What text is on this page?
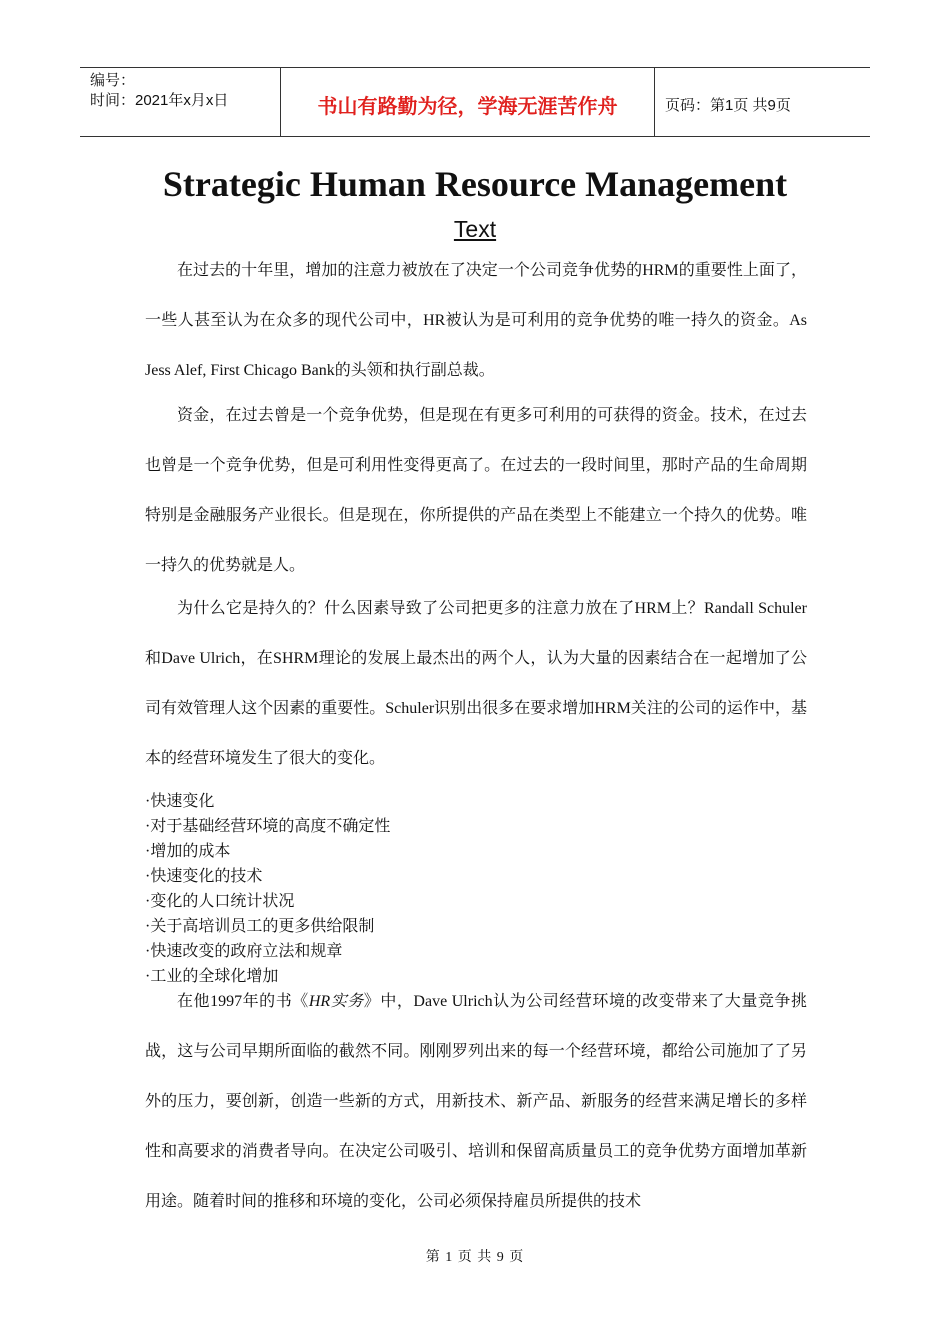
编号：
时间：2021年x月x日	书山有路勤为径，学海无涯苦作舟	页码：第1页 共9页
Strategic Human Resource Management
Text

在过去的十年里，增加的注意力被放在了决定一个公司竞争优势的HRM的重要性上面了，一些人甚至认为在众多的现代公司中，HR被认为是可利用的竞争优势的唯一持久的资金。As Jess Alef, First Chicago Bank的头领和执行副总裁。

资金，在过去曾是一个竞争优势，但是现在有更多可利用的可获得的资金。技术，在过去也曾是一个竞争优势，但是可利用性变得更高了。在过去的一段时间里，那时产品的生命周期特别是金融服务产业很长。但是现在，你所提供的产品在类型上不能建立一个持久的优势。唯一持久的优势就是人。

为什么它是持久的？什么因素导致了公司把更多的注意力放在了HRM上？Randall Schuler和Dave Ulrich，在SHRM理论的发展上最杰出的两个人，认为大量的因素结合在一起增加了公司有效管理人这个因素的重要性。Schuler识别出很多在要求增加HRM关注的公司的运作中，基本的经营环境发生了很大的变化。

·快速变化
·对于基础经营环境的高度不确定性
·增加的成本
·快速变化的技术
·变化的人口统计状况
·关于高培训员工的更多供给限制
·快速改变的政府立法和规章
·工业的全球化增加

在他1997年的书《HR实务》中，Dave Ulrich认为公司经营环境的改变带来了大量竞争挑战，这与公司早期所面临的截然不同。刚刚罗列出来的每一个经营环境，都给公司施加了了另外的压力，要创新，创造一些新的方式，用新技术、新产品、新服务的经营来满足增长的多样性和高要求的消费者导向。在决定公司吸引、培训和保留高质量员工的竞争优势方面增加革新用途。随着时间的推移和环境的变化，公司必须保持雇员所提供的技术

第 1 页 共 9 页
